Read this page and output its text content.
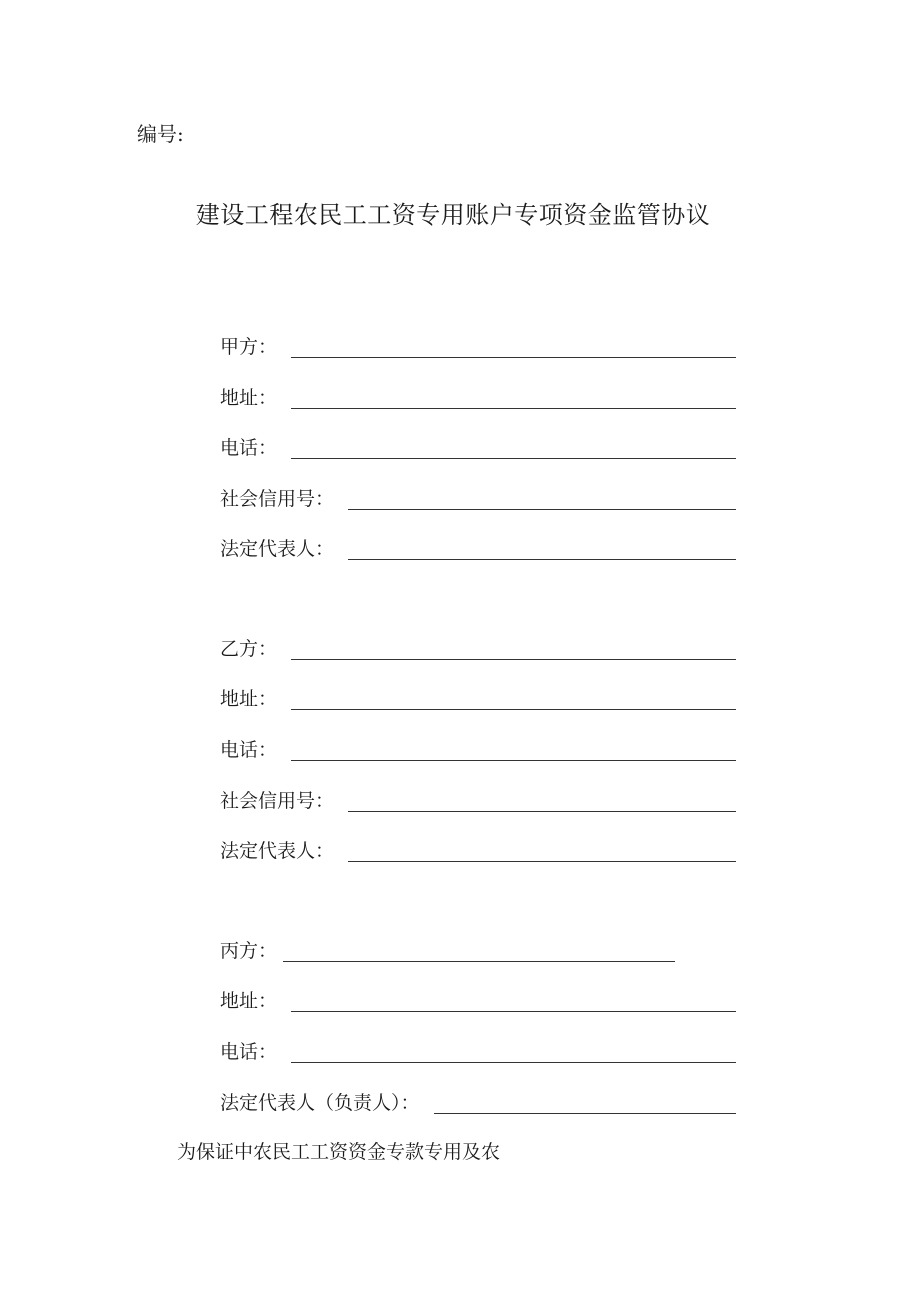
编号:
建设工程农民工工资专用账户专项资金监管协议
甲方：
地址：
电话：
社会信用号：
法定代表人：
乙方：
地址：
电话：
社会信用号：
法定代表人：
丙方：
地址：
电话：
法定代表人（负责人）：
为保证中农民工工资资金专款专用及农
